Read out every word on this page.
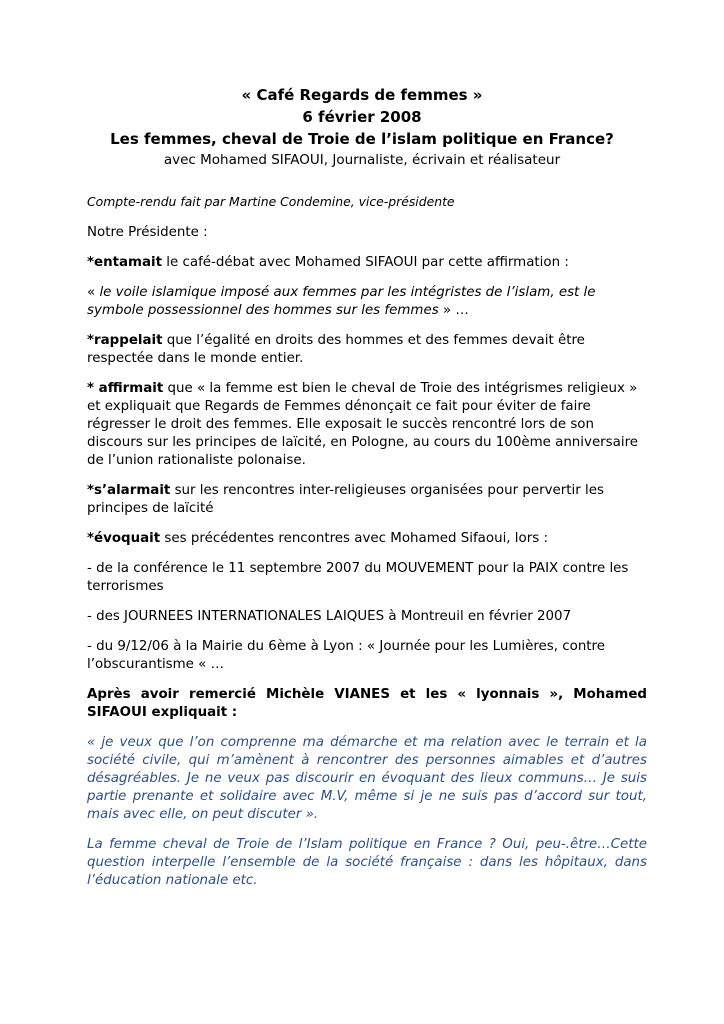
« Café Regards de femmes »
6 février 2008
Les femmes, cheval de Troie de l’islam politique en France?
avec Mohamed SIFAOUI, Journaliste, écrivain et réalisateur

Compte-rendu fait par Martine Condemine, vice-présidente

Notre Présidente :

*entamait le café-débat avec Mohamed SIFAOUI par cette affirmation :

« le voile islamique imposé aux femmes par les intégristes de l’islam, est le symbole possessionnel des hommes sur les femmes » …

*rappelait que l’égalité en droits des hommes et des femmes devait être respectée dans le monde entier.

* affirmait que « la femme est bien le cheval de Troie des intégrismes religieux » et expliquait que Regards de Femmes dénonçait ce fait pour éviter de faire régresser le droit des femmes. Elle exposait le succès rencontré lors de son discours sur les principes de laïcité, en Pologne, au cours du 100ème anniversaire de l’union rationaliste polonaise.

*s’alarmait sur les rencontres inter-religieuses organisées pour pervertir les principes de laïcité

*évoquait ses précédentes rencontres avec Mohamed Sifaoui, lors :

- de la conférence le 11 septembre 2007 du MOUVEMENT pour la PAIX contre les terrorismes

- des JOURNEES INTERNATIONALES LAIQUES à Montreuil en février 2007

- du 9/12/06 à la Mairie du 6ème à Lyon : « Journée pour les Lumières, contre l’obscurantisme « …

Après avoir remercié Michèle VIANES et les « lyonnais », Mohamed SIFAOUI expliquait :

« je veux que l’on comprenne ma démarche et ma relation avec le terrain et la société civile, qui m’amènent à rencontrer des personnes aimables et d’autres désagréables. Je ne veux pas discourir en évoquant des lieux communs… Je suis partie prenante et solidaire avec M.V, même si je ne suis pas d’accord sur tout, mais avec elle, on peut discuter ».

La femme cheval de Troie de l’Islam politique en France ? Oui, peu-.être…Cette question interpelle l’ensemble de la société française : dans les hôpitaux, dans l’éducation nationale etc.
